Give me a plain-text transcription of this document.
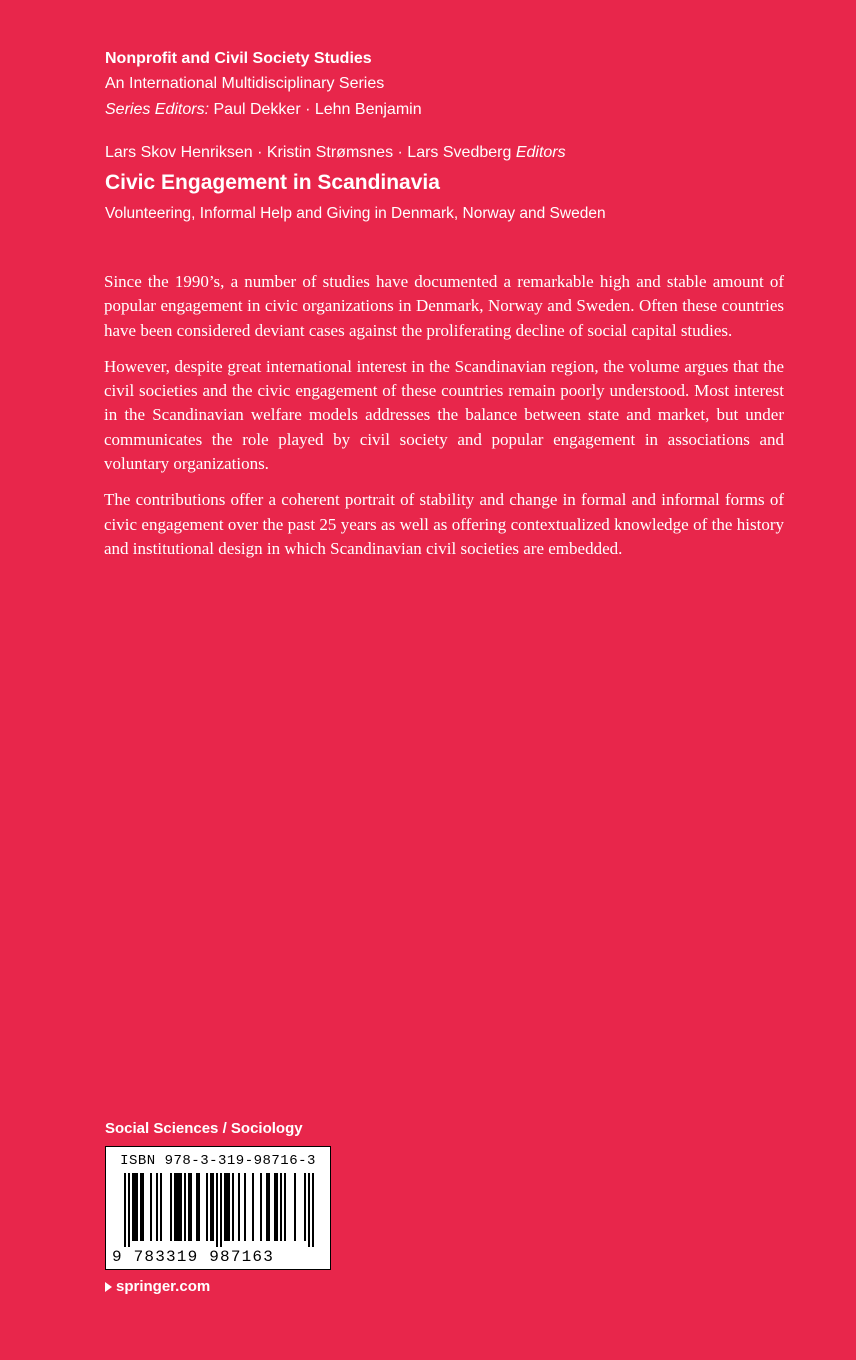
Nonprofit and Civil Society Studies
An International Multidisciplinary Series
Series Editors: Paul Dekker · Lehn Benjamin
Lars Skov Henriksen · Kristin Strømsnes · Lars Svedberg Editors
Civic Engagement in Scandinavia
Volunteering, Informal Help and Giving in Denmark, Norway and Sweden

Since the 1990’s, a number of studies have documented a remarkable high and stable amount of popular engagement in civic organizations in Denmark, Norway and Sweden. Often these countries have been considered deviant cases against the proliferating decline of social capital studies.

However, despite great international interest in the Scandinavian region, the volume argues that the civil societies and the civic engagement of these countries remain poorly understood. Most interest in the Scandinavian welfare models addresses the balance between state and market, but under communicates the role played by civil society and popular engagement in associations and voluntary organizations.

The contributions offer a coherent portrait of stability and change in formal and informal forms of civic engagement over the past 25 years as well as offering contextualized knowledge of the history and institutional design in which Scandinavian civil societies are embedded.

Social Sciences / Sociology
ISBN 978-3-319-98716-3
9 783319 987163
springer.com
